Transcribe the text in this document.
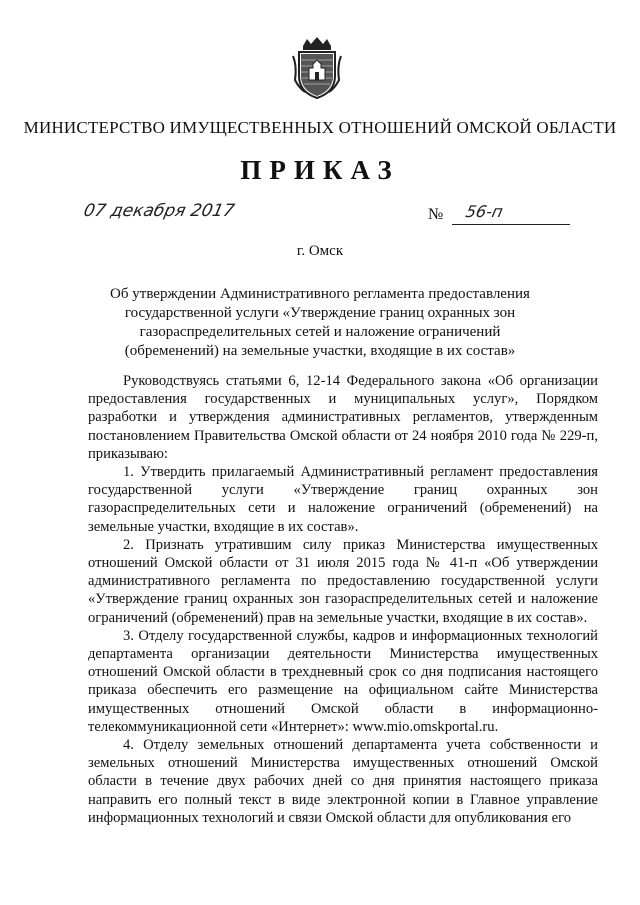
МИНИСТЕРСТВО ИМУЩЕСТВЕННЫХ ОТНОШЕНИЙ ОМСКОЙ ОБЛАСТИ
ПРИКАЗ
07 декабря 2017	№ 56-п
г. Омск
Об утверждении Административного регламента предоставления государственной услуги «Утверждение границ охранных зон газораспределительных сетей и наложение ограничений (обременений) на земельные участки, входящие в их состав»

Руководствуясь статьями 6, 12-14 Федерального закона «Об организации предоставления государственных и муниципальных услуг», Порядком разработки и утверждения административных регламентов, утвержденным постановлением Правительства Омской области от 24 ноября 2010 года № 229-п, приказываю:

1. Утвердить прилагаемый Административный регламент предоставления государственной услуги «Утверждение границ охранных зон газораспределительных сети и наложение ограничений (обременений) на земельные участки, входящие в их состав».

2. Признать утратившим силу приказ Министерства имущественных отношений Омской области от 31 июля 2015 года № 41-п «Об утверждении административного регламента по предоставлению государственной услуги «Утверждение границ охранных зон газораспределительных сетей и наложение ограничений (обременений) прав на земельные участки, входящие в их состав».

3. Отделу государственной службы, кадров и информационных технологий департамента организации деятельности Министерства имущественных отношений Омской области в трехдневный срок со дня подписания настоящего приказа обеспечить его размещение на официальном сайте Министерства имущественных отношений Омской области в информационно-телекоммуникационной сети «Интернет»: www.mio.omskportal.ru.

4. Отделу земельных отношений департамента учета собственности и земельных отношений Министерства имущественных отношений Омской области в течение двух рабочих дней со дня принятия настоящего приказа направить его полный текст в виде электронной копии в Главное управление информационных технологий и связи Омской области для опубликования его
